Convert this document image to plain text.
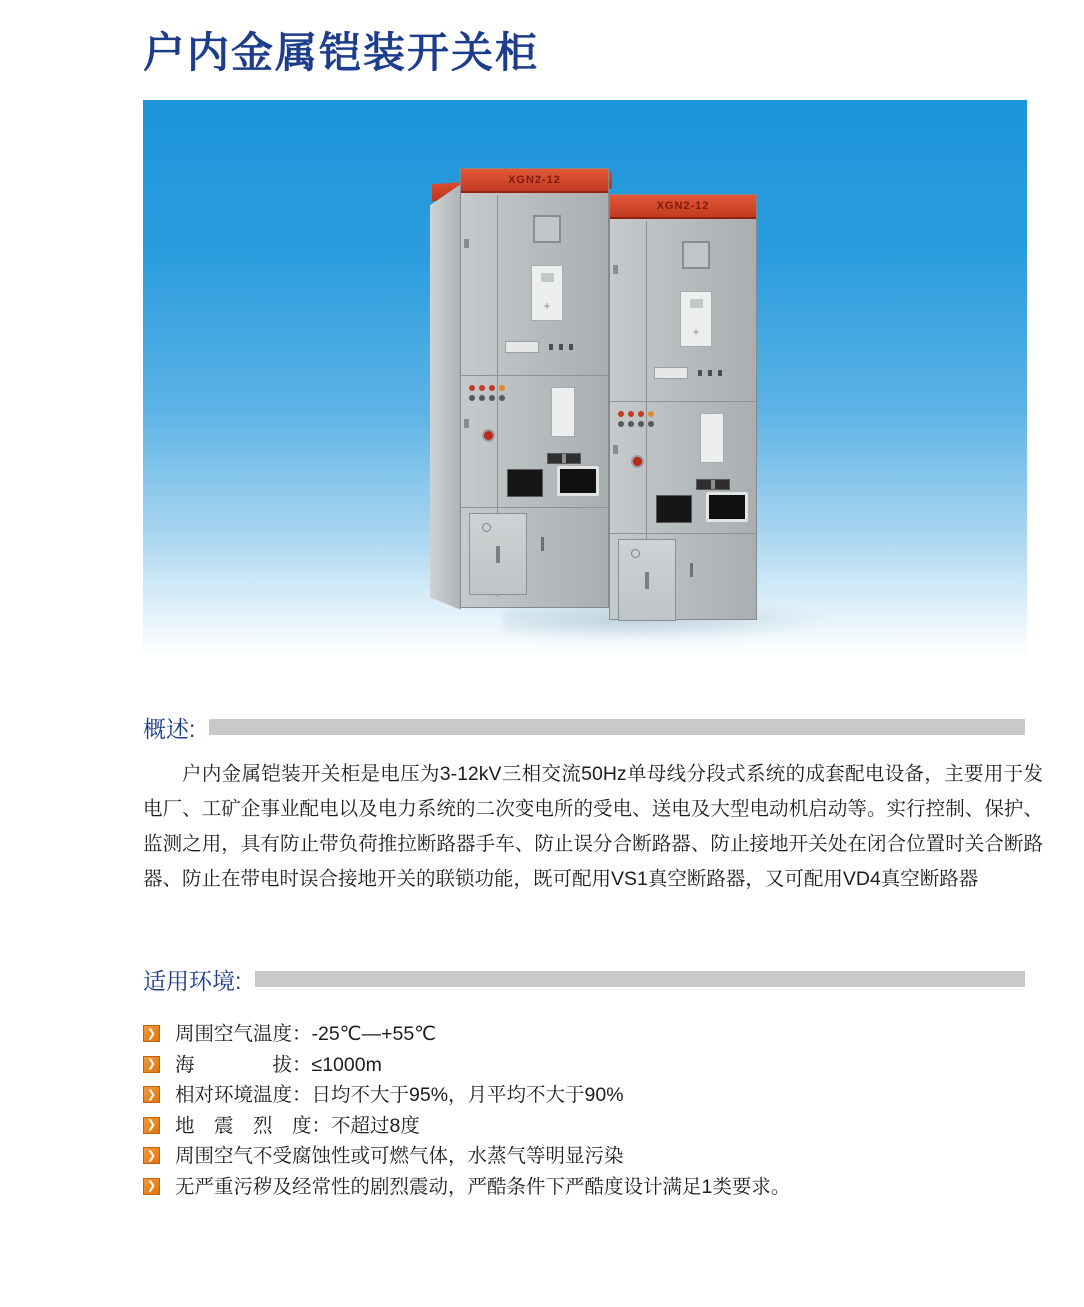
户内金属铠装开关柜
XGN2-12
+
XGN2-12
+
概述:

户内金属铠装开关柜是电压为3-12kV三相交流50Hz单母线分段式系统的成套配电设备，主要用于发电厂、工矿企事业配电以及电力系统的二次变电所的受电、送电及大型电动机启动等。实行控制、保护、监测之用，具有防止带负荷推拉断路器手车、防止误分合断路器、防止接地开关处在闭合位置时关合断路器、防止在带电时误合接地开关的联锁功能，既可配用VS1真空断路器，又可配用VD4真空断路器

适用环境:
❯ 周围空气温度：-25℃—+55℃
❯ 海　　　　拔：≤1000m
❯ 相对环境温度：日均不大于95%，月平均不大于90%
❯ 地　震　烈　度：不超过8度
❯ 周围空气不受腐蚀性或可燃气体，水蒸气等明显污染
❯ 无严重污秽及经常性的剧烈震动，严酷条件下严酷度设计满足1类要求。
